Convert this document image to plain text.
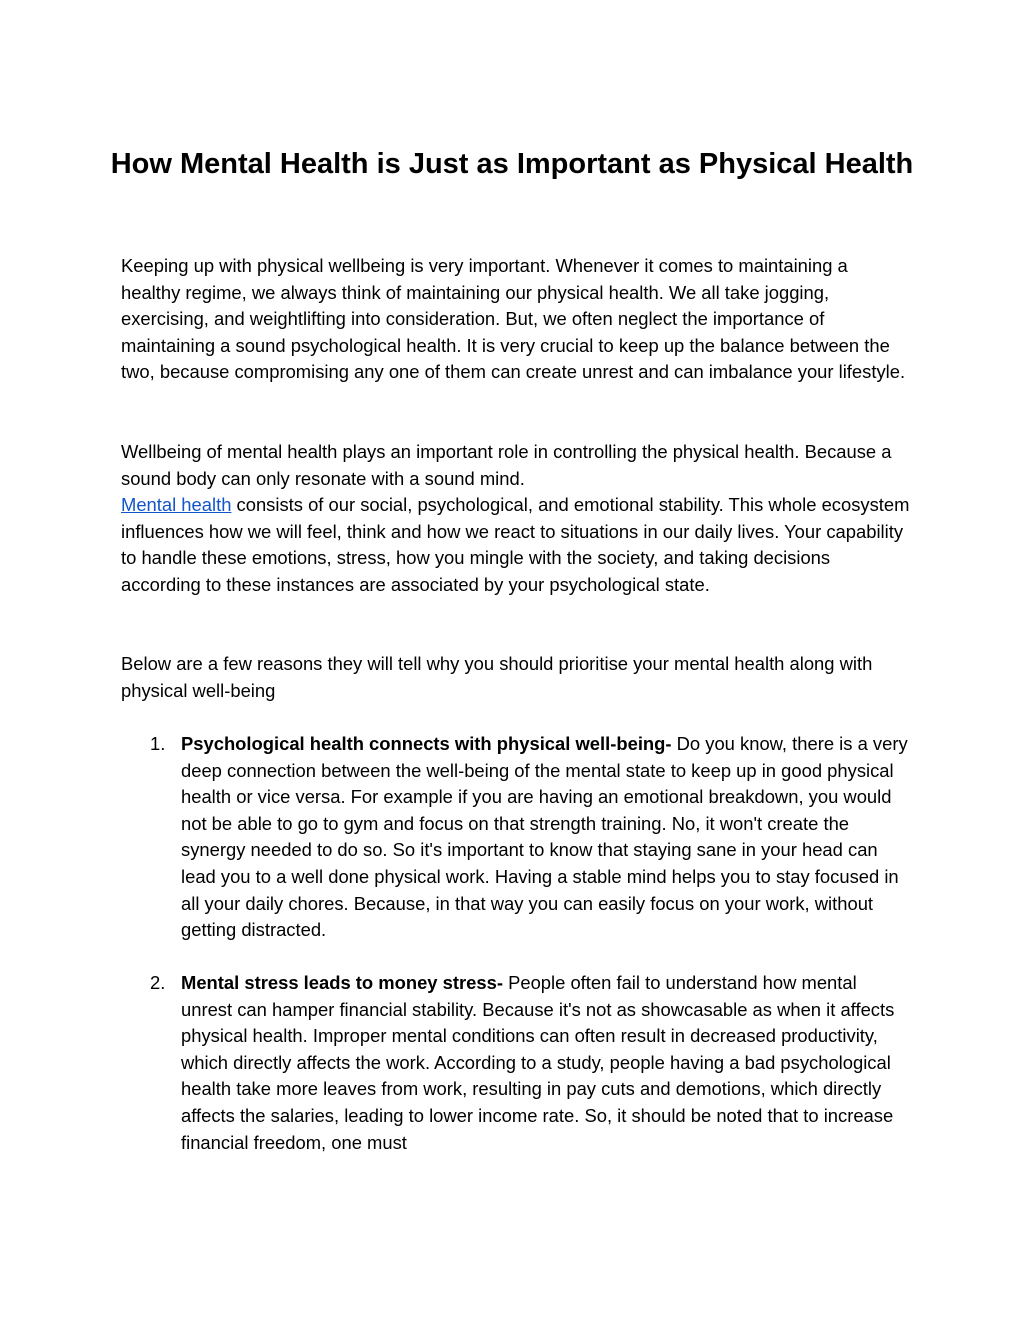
How Mental Health is Just as Important as Physical Health

Keeping up with physical wellbeing is very important. Whenever it comes to maintaining a healthy regime, we always think of maintaining our physical health. We all take jogging, exercising, and weightlifting into consideration. But, we often neglect the importance of maintaining a sound psychological health. It is very crucial to keep up the balance between the two, because compromising any one of them can create unrest and can imbalance your lifestyle.

Wellbeing of mental health plays an important role in controlling the physical health. Because a sound body can only resonate with a sound mind.
Mental health consists of our social, psychological, and emotional stability. This whole ecosystem influences how we will feel, think and how we react to situations in our daily lives. Your capability to handle these emotions, stress, how you mingle with the society, and taking decisions according to these instances are associated by your psychological state.

Below are a few reasons they will tell why you should prioritise your mental health along with physical well-being

1. Psychological health connects with physical well-being- Do you know, there is a very deep connection between the well-being of the mental state to keep up in good physical health or vice versa. For example if you are having an emotional breakdown, you would not be able to go to gym and focus on that strength training. No, it won't create the synergy needed to do so. So it's important to know that staying sane in your head can lead you to a well done physical work. Having a stable mind helps you to stay focused in all your daily chores. Because, in that way you can easily focus on your work, without getting distracted.
2. Mental stress leads to money stress- People often fail to understand how mental unrest can hamper financial stability. Because it's not as showcasable as when it affects physical health. Improper mental conditions can often result in decreased productivity, which directly affects the work. According to a study, people having a bad psychological health take more leaves from work, resulting in pay cuts and demotions, which directly affects the salaries, leading to lower income rate. So, it should be noted that to increase financial freedom, one must
